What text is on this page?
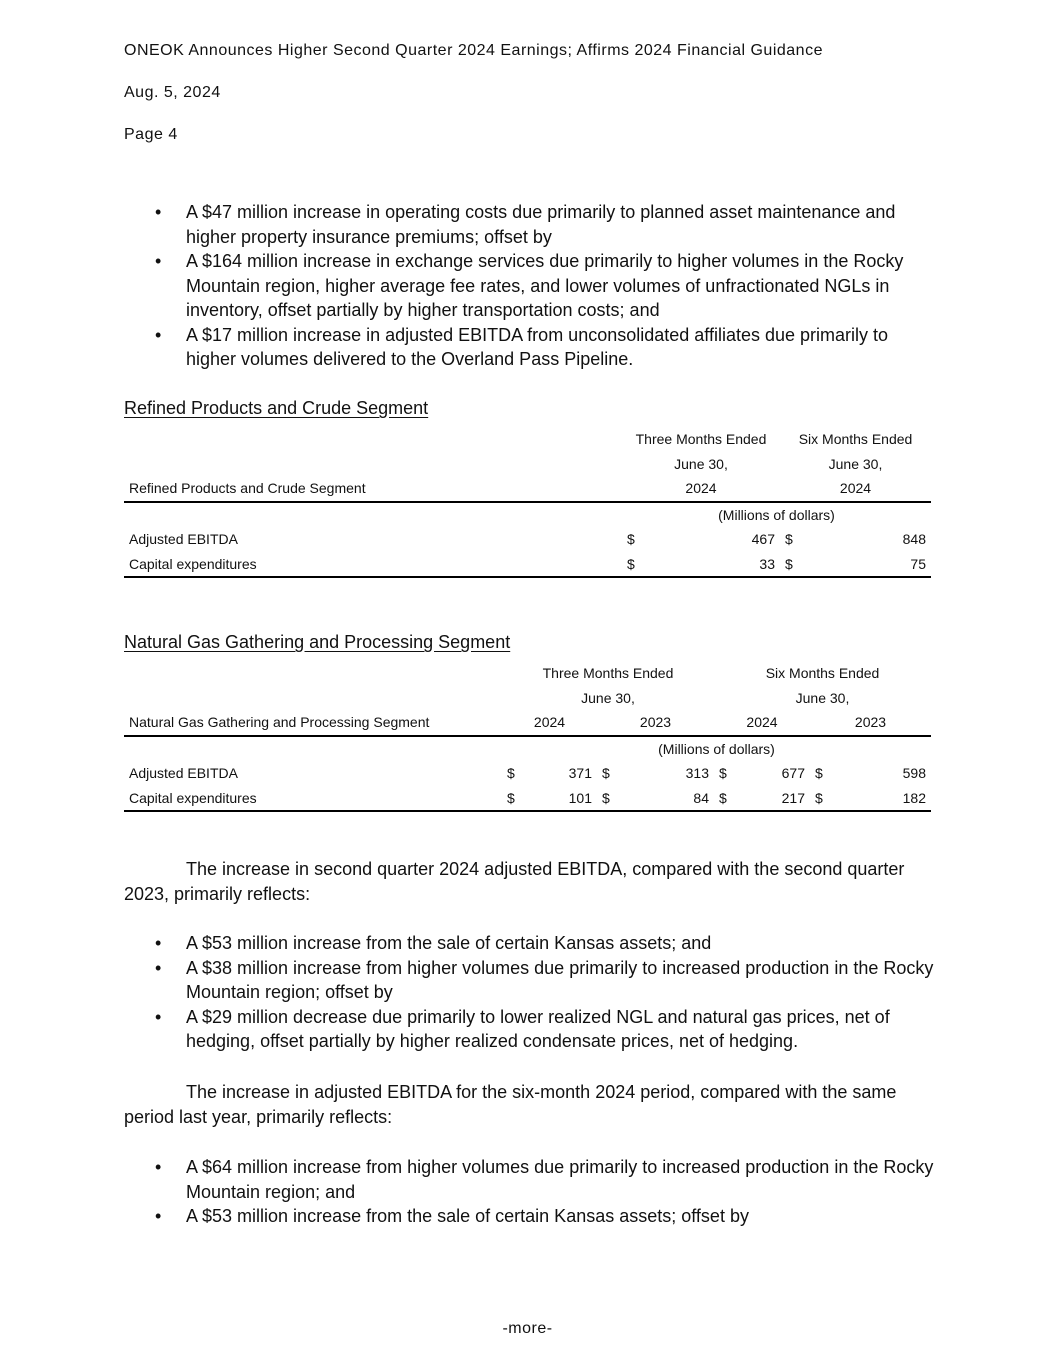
ONEOK Announces Higher Second Quarter 2024 Earnings; Affirms 2024 Financial Guidance
Aug. 5, 2024
Page 4
• A $47 million increase in operating costs due primarily to planned asset maintenance and higher property insurance premiums; offset by
• A $164 million increase in exchange services due primarily to higher volumes in the Rocky Mountain region, higher average fee rates, and lower volumes of unfractionated NGLs in inventory, offset partially by higher transportation costs; and
• A $17 million increase in adjusted EBITDA from unconsolidated affiliates due primarily to higher volumes delivered to the Overland Pass Pipeline.
Refined Products and Crude Segment
	Three Months Ended		Six Months Ended	
	June 30,		June 30,	
Refined Products and Crude Segment	2024		2024	
	(Millions of dollars)			
Adjusted EBITDA	$	467	$	848
Capital expenditures	$	33	$	75
Natural Gas Gathering and Processing Segment
	Three Months Ended				Six Months Ended			
	June 30,				June 30,			
Natural Gas Gathering and Processing Segment	2024		2023		2024		2023	
	(Millions of dollars)							
Adjusted EBITDA	$	371	$	313	$	677	$	598
Capital expenditures	$	101	$	84	$	217	$	182
The increase in second quarter 2024 adjusted EBITDA, compared with the second quarter 2023, primarily reflects:
• A $53 million increase from the sale of certain Kansas assets; and
• A $38 million increase from higher volumes due primarily to increased production in the Rocky Mountain region; offset by
• A $29 million decrease due primarily to lower realized NGL and natural gas prices, net of hedging, offset partially by higher realized condensate prices, net of hedging.
The increase in adjusted EBITDA for the six-month 2024 period, compared with the same period last year, primarily reflects:
• A $64 million increase from higher volumes due primarily to increased production in the Rocky Mountain region; and
• A $53 million increase from the sale of certain Kansas assets; offset by
-more-
